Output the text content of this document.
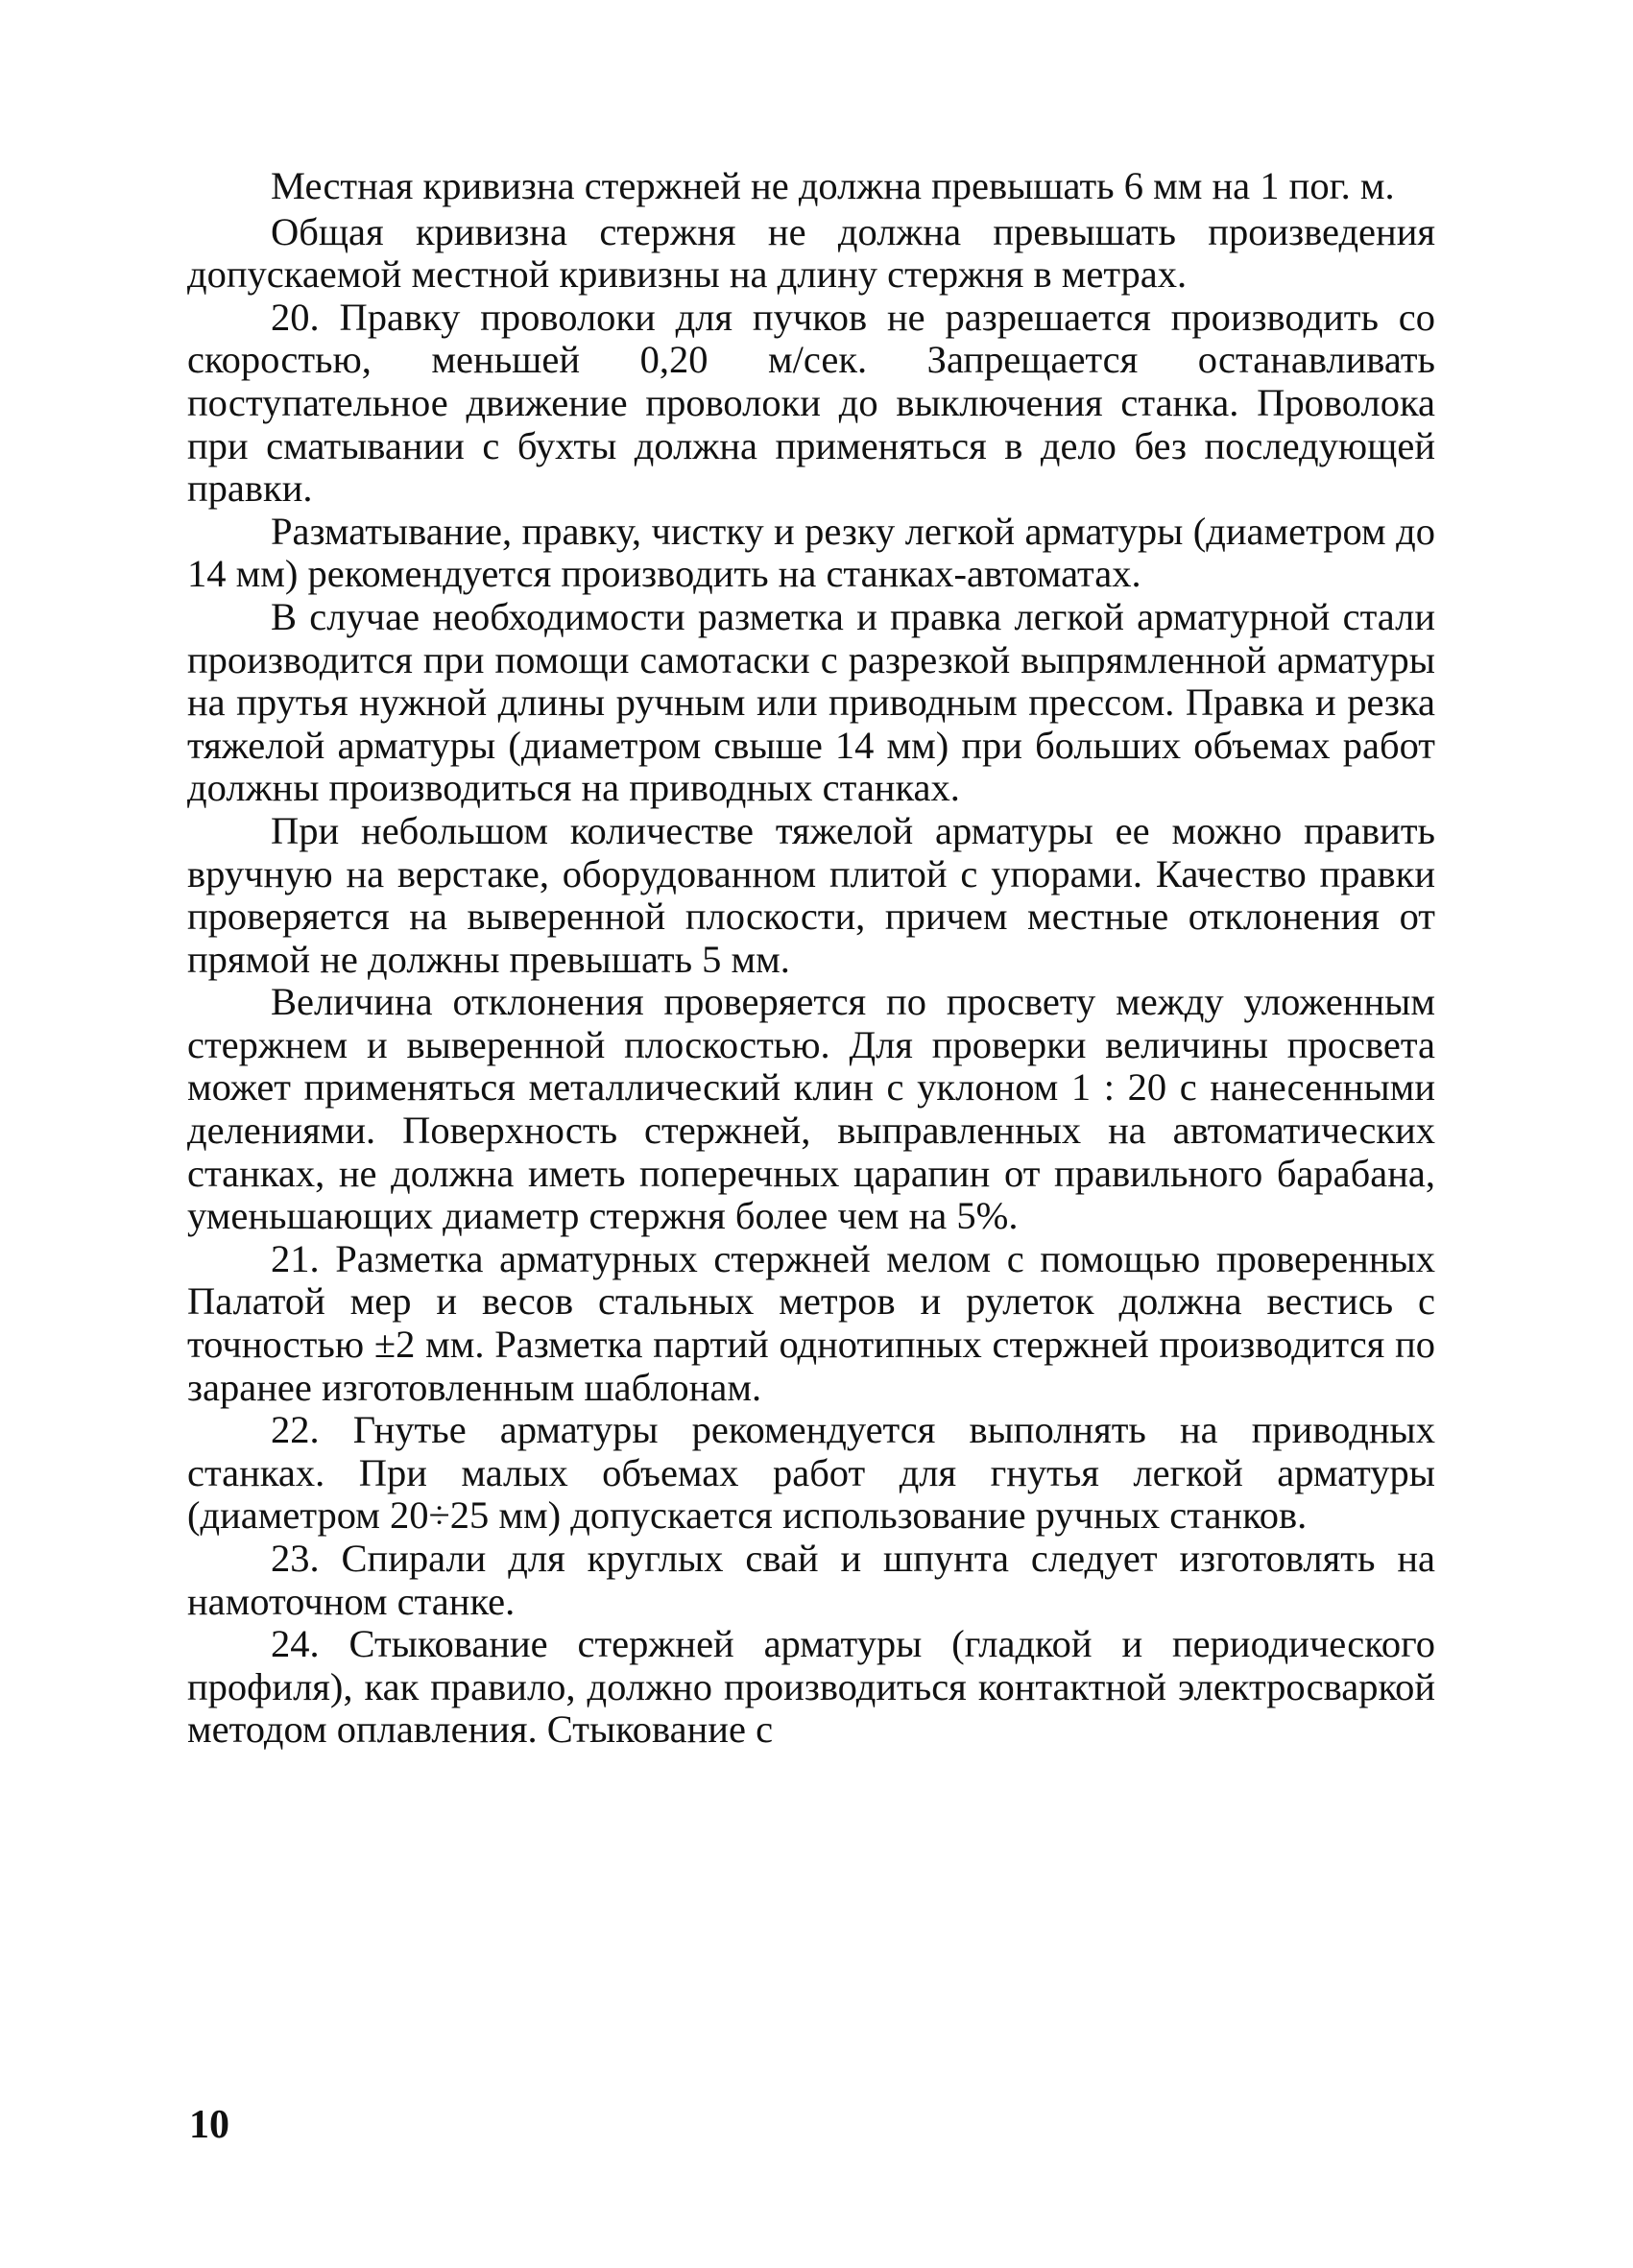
Местная кривизна стержней не должна превышать 6 мм на 1 пог. м.

Общая кривизна стержня не должна превышать произведения допускаемой местной кривизны на длину стержня в метрах.

20. Правку проволоки для пучков не разрешается производить со скоростью, меньшей 0,20 м/сек. Запрещается останавливать поступательное движение проволоки до выключения станка. Проволока при сматывании с бухты должна применяться в дело без последующей правки.

Разматывание, правку, чистку и резку легкой арматуры (диаметром до 14 мм) рекомендуется производить на станках-автоматах.

В случае необходимости разметка и правка легкой арматурной стали производится при помощи самотаски с разрезкой выпрямленной арматуры на прутья нужной длины ручным или приводным прессом. Правка и резка тяжелой арматуры (диаметром свыше 14 мм) при больших объемах работ должны производиться на приводных станках.

При небольшом количестве тяжелой арматуры ее можно править вручную на верстаке, оборудованном плитой с упорами. Качество правки проверяется на выверенной плоскости, причем местные отклонения от прямой не должны превышать 5 мм.

Величина отклонения проверяется по просвету между уложенным стержнем и выверенной плоскостью. Для проверки величины просвета может применяться металлический клин с уклоном 1 : 20 с нанесенными делениями. Поверхность стержней, выправленных на автоматических станках, не должна иметь поперечных царапин от правильного барабана, уменьшающих диаметр стержня более чем на 5%.

21. Разметка арматурных стержней мелом с помощью проверенных Палатой мер и весов стальных метров и рулеток должна вестись с точностью ±2 мм. Разметка партий однотипных стержней производится по заранее изготовленным шаблонам.

22. Гнутье арматуры рекомендуется выполнять на приводных станках. При малых объемах работ для гнутья легкой арматуры (диаметром 20÷25 мм) допускается использование ручных станков.

23. Спирали для круглых свай и шпунта следует изготовлять на намоточном станке.

24. Стыкование стержней арматуры (гладкой и периодического профиля), как правило, должно производиться контактной электросваркой методом оплавления. Стыкование с

10
